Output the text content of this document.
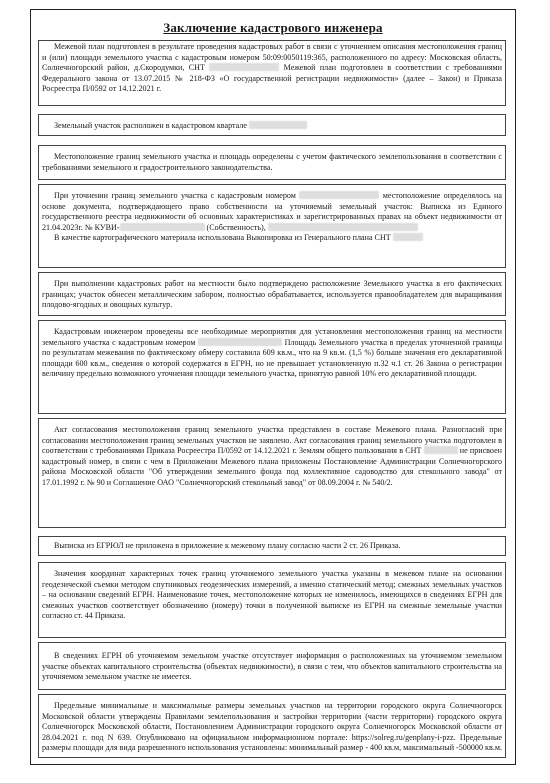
Заключение кадастрового инженера
Межевой план подготовлен в результате проведения кадастровых работ в связи с уточнением описания местоположения границ и (или) площади земельного участка с кадастровым номером 50:09:0050119:365, расположенного по адресу: Московская область, Солнечногорский район, д.Скородумки, СНТ	Межевой план подготовлен в соответствии с требованиями Федерального закона от 13.07.2015 № 218-ФЗ «О государственной регистрации недвижимости» (далее – Закон) и Приказа Росреестра П/0592 от 14.12.2021 г.
Земельный участок расположен в кадастровом квартале
Местоположение границ земельного участка и площадь определены с учетом фактического землепользования в соответствии с требованиями земельного и градостроительного законодательства.
При уточнении границ земельного участка с кадастровым номером	местоположение определялось на основе документа, подтверждающего право собственности на уточняемый земельный участок: Выписка из Единого государственного реестра недвижимости об основных характеристиках и зарегистрированных правах на объект недвижимости от 21.04.2023г. № КУВИ-	(Собственность),
В качестве картографического материала использована Выкопировка из Генерального плана СНТ
При выполнении кадастровых работ на местности было подтверждено расположение Земельного участка в его фактических границах; участок обнесен металлическим забором, полностью обрабатывается, используется правообладателем для выращивания плодово-ягодных и овощных культур.
Кадастровым инженером проведены все необходимые мероприятия для установления местоположения границ на местности земельного участка с кадастровым номером	Площадь Земельного участка в пределах уточненной границы по результатам межевания по фактическому обмеру составила 609 кв.м., что на 9 кв.м. (1,5 %) больше значения его декларативной площади 600 кв.м., сведения о которой содержатся в ЕГРН, но не превышает установленную п.32 ч.1 ст. 26 Закона о регистрации величину предельно возможного уточнения площади земельного участка, принятую равной 10% его декларативной площади.
Акт согласования местоположения границ земельного участка представлен в составе Межевого плана. Разногласий при согласовании местоположения границ земельных участков не заявлено. Акт согласования границ земельного участка подготовлен в соответствии с требованиями Приказа Росреестра П/0592 от 14.12.2021 г. Землям общего пользования в СНТ	не присвоен кадастровый номер, в связи с чем в Приложении Межевого плана приложены Постановление Администрации Солнечногорского района Московской области "Об утверждении земельного фонда под коллективное садоводство для стекольного завода" от 17.01.1992 г. № 90 и Соглашение ОАО "Солнечногорский стекольный завод" от 08.09.2004 г. № 540/2.
Выписка из ЕГРЮЛ не приложена в приложение к межевому плану согласно части 2 ст. 26 Приказа.
Значения координат характерных точек границ уточняемого земельного участка указаны в межевом плане на основании геодезической съемки методом спутниковых геодезических измерений, а именно статический метод; смежных земельных участков – на основании сведений ЕГРН. Наименование точек, местоположение которых не изменилось, имеющихся в сведениях ЕГРН для смежных участков соответствует обозначению (номеру) точки в полученной выписке из ЕГРН на смежные земельные участки согласно ст. 44 Приказа.
В сведениях ЕГРН об уточняемом земельном участке отсутствует информация о расположенных на уточняемом земельном участке объектах капитального строительства (объектах недвижимости), в связи с тем, что объектов капитального строительства на уточняемом земельном участке не имеется.
Предельные минимальные и максимальные размеры земельных участков на территории городского округа Солнечногорск Московской области утверждены Правилами землепользования и застройки территории (части территории) городского округа Солнечногорск Московской области, Постановлением Администрации городского округа Солнечногорск Московской области от 28.04.2021 г. под N 639. Опубликовано на официальном информационном портале: https://solreg.ru/genplany-i-pzz. Предельные размеры площади для вида разрешенного использования установлены: минимальный размер - 400 кв.м, максимальный -500000 кв.м.
